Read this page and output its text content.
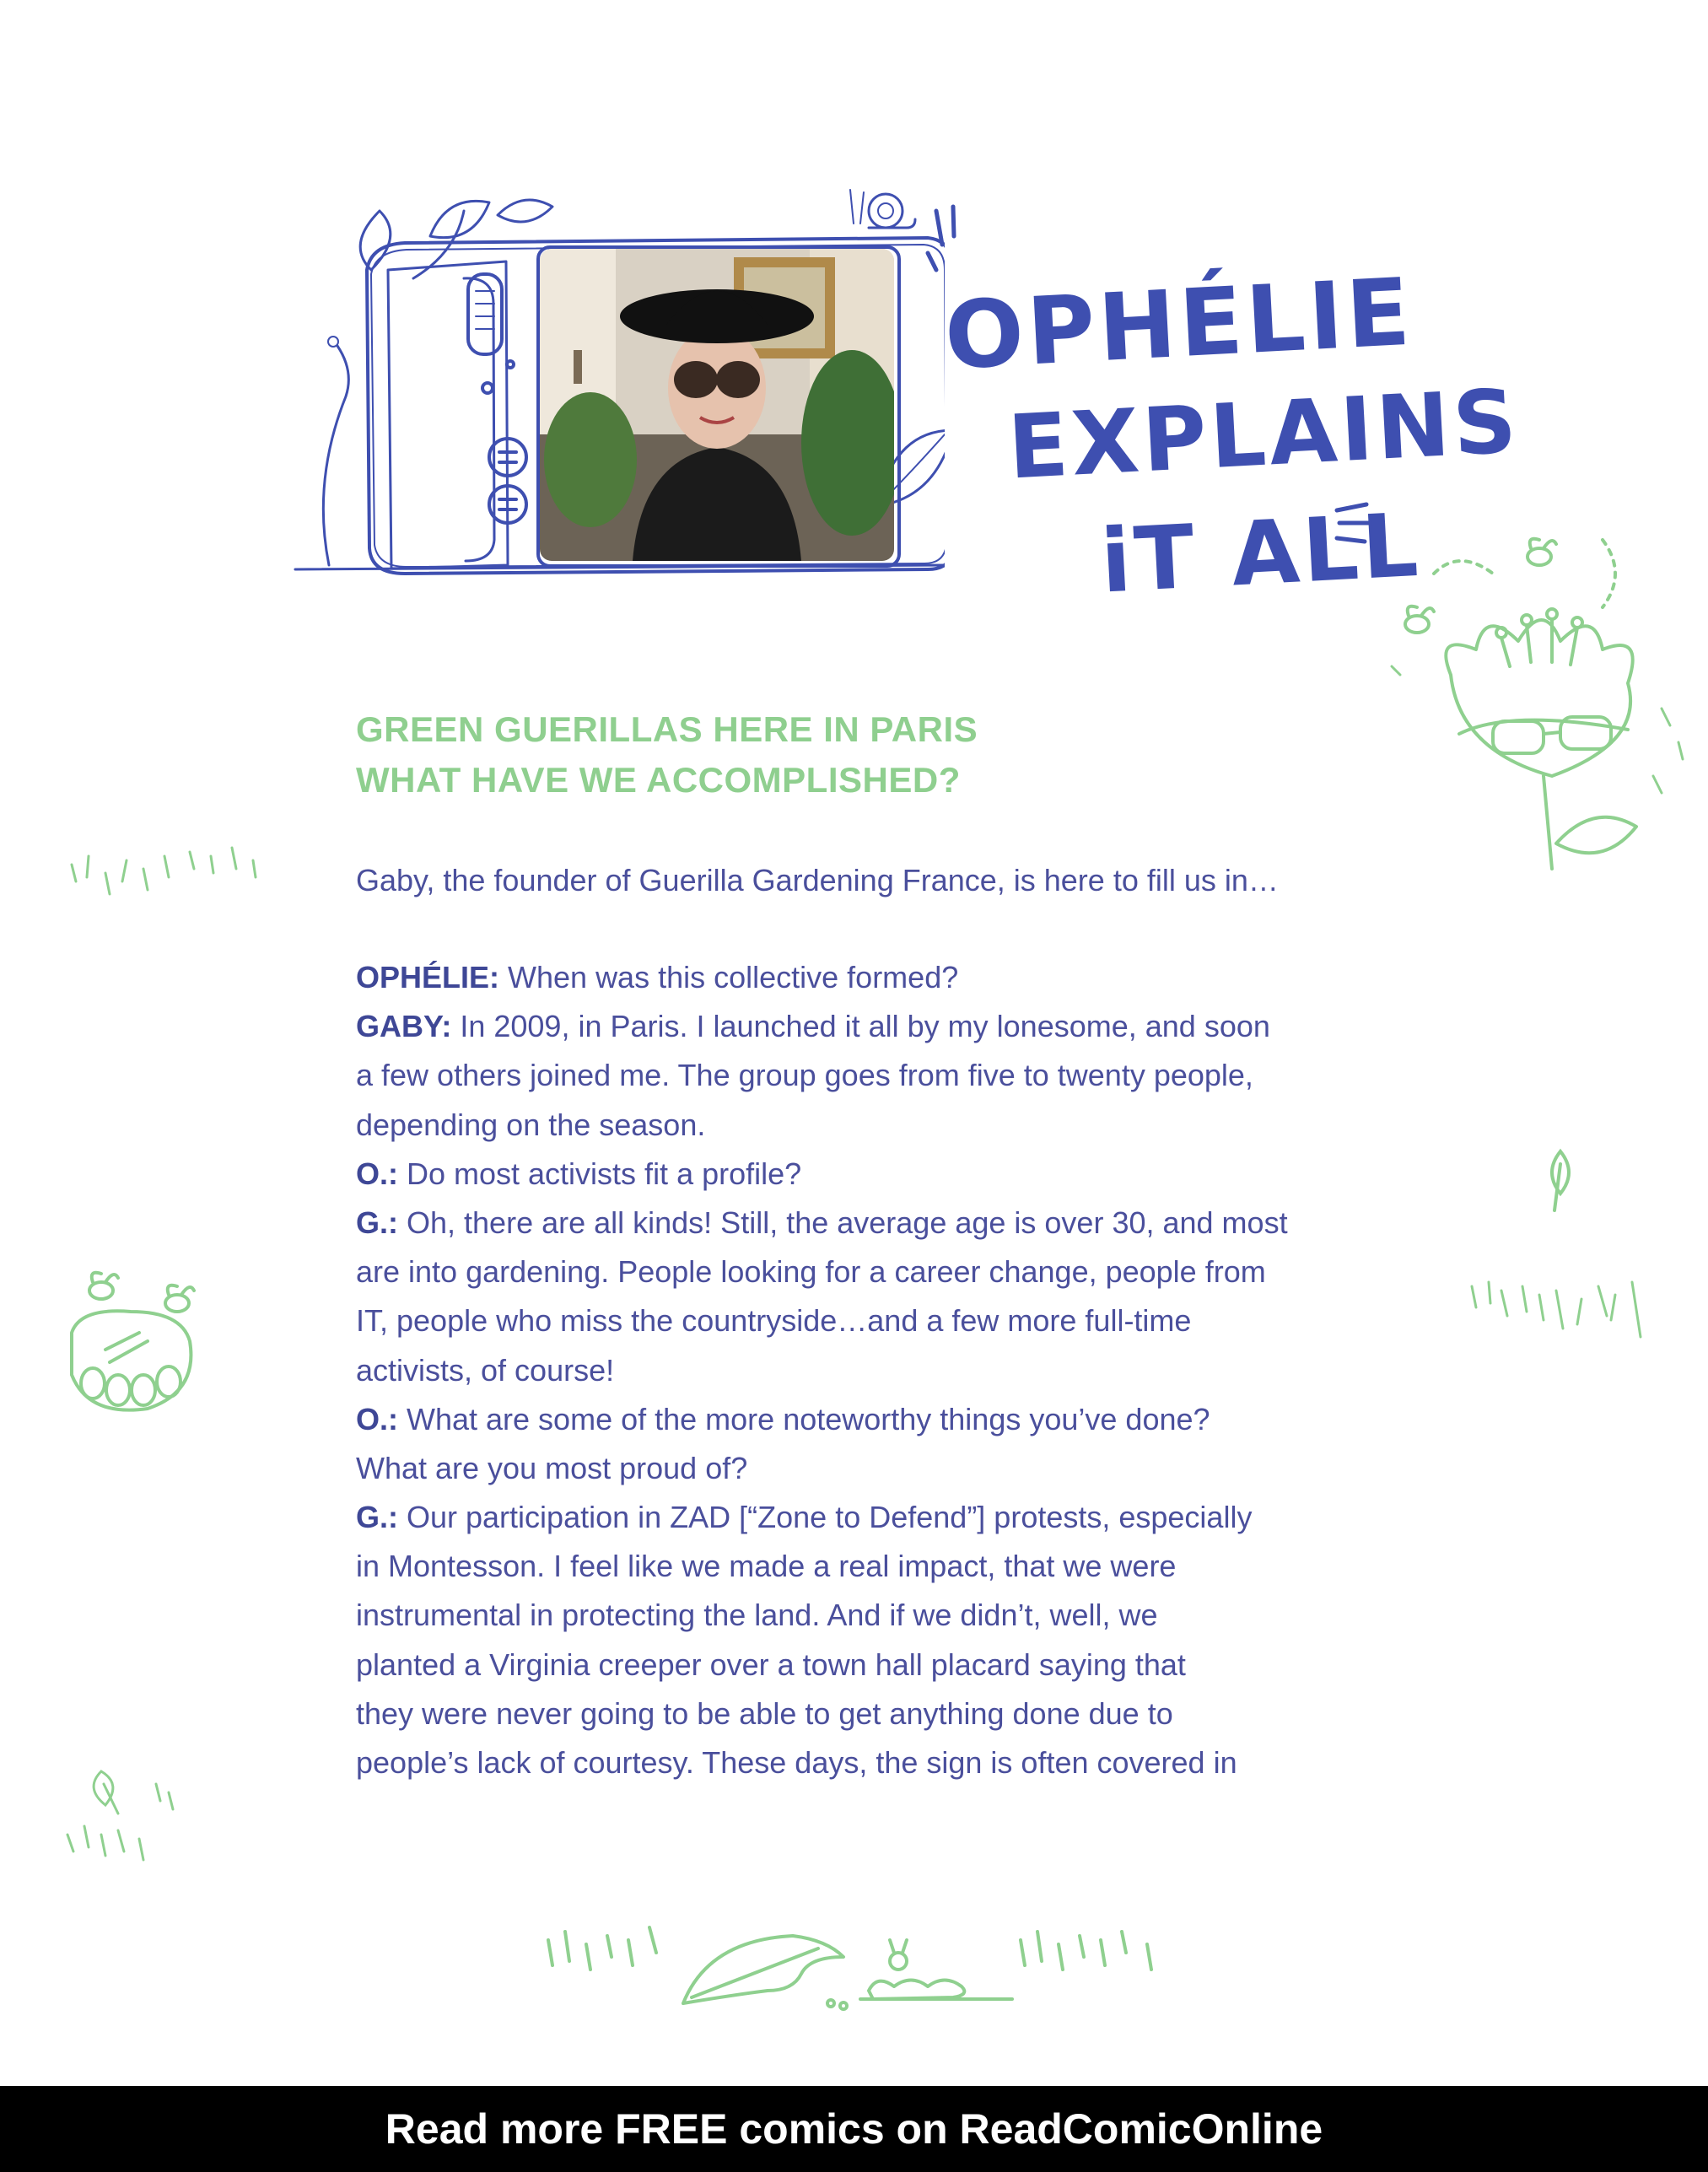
OPHÉLIE
EXPLAINS
iT ALL
GREEN GUERILLAS HERE IN PARIS
WHAT HAVE WE ACCOMPLISHED?
Gaby, the founder of Guerilla Gardening France, is here to fill us in…
OPHÉLIE: When was this collective formed?
GABY: In 2009, in Paris. I launched it all by my lonesome, and soon
a few others joined me. The group goes from five to twenty people,
depending on the season.
O.: Do most activists fit a profile?
G.: Oh, there are all kinds! Still, the average age is over 30, and most
are into gardening. People looking for a career change, people from
IT, people who miss the countryside…and a few more full-time
activists, of course!
O.: What are some of the more noteworthy things you’ve done?
What are you most proud of?
G.: Our participation in ZAD [“Zone to Defend”] protests, especially
in Montesson. I feel like we made a real impact, that we were
instrumental in protecting the land. And if we didn’t, well, we
planted a Virginia creeper over a town hall placard saying that
they were never going to be able to get anything done due to
people’s lack of courtesy. These days, the sign is often covered in
Read more FREE comics on ReadComicOnline
